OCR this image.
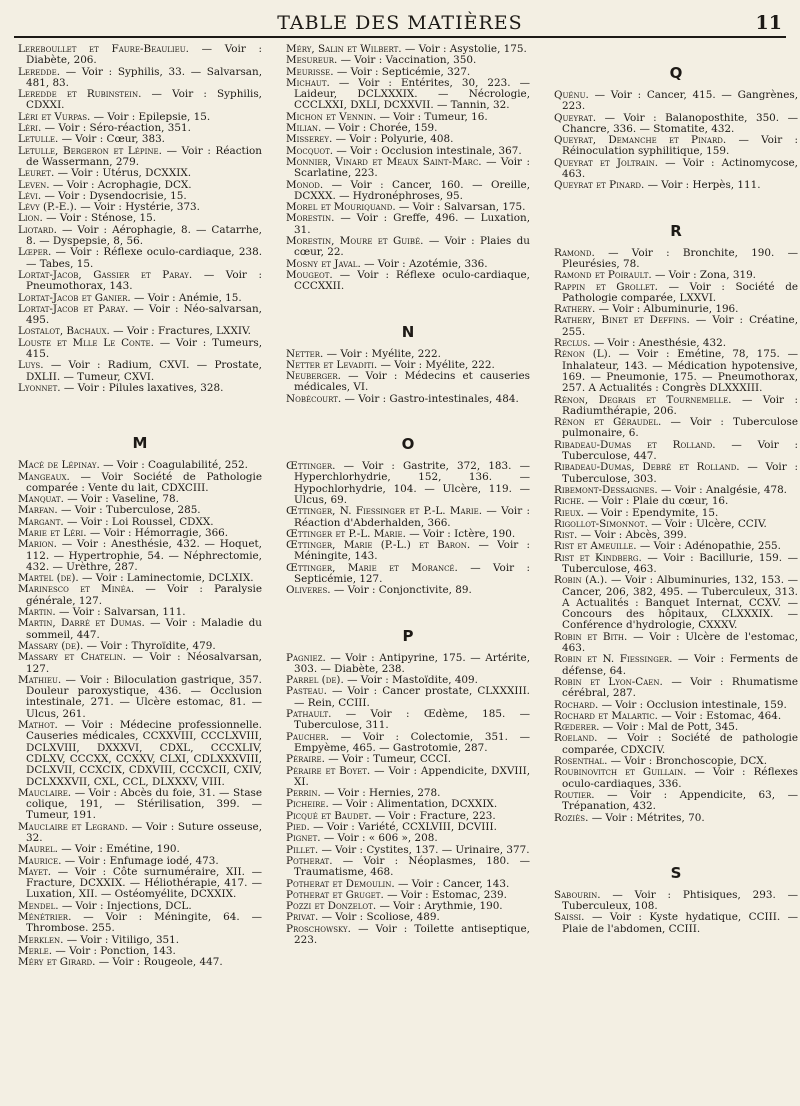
TABLE DES MATIÈRES	11

Lereboullet et Faure-Beaulieu. — Voir : Diabète, 206.

Leredde. — Voir : Syphilis, 33. — Salvarsan, 481, 83.

Leredde et Rubinstein. — Voir : Syphilis, CDXXI.

Léri et Vurpas. — Voir : Epilepsie, 15.

Léri. — Voir : Séro-réaction, 351.

Letulle. — Voir : Cœur, 383.

Letulle, Bergeron et Lépine. — Voir : Réaction de Wassermann, 279.

Leuret. — Voir : Utérus, DCXXIX.

Leven. — Voir : Acrophagie, DCX.

Lévi. — Voir : Dysendocrisie, 15.

Lévy (P.-E.). — Voir : Hystérie, 373.

Lion. — Voir : Sténose, 15.

Liotard. — Voir : Aérophagie, 8. — Catarrhe, 8. — Dyspepsie, 8, 56.

Lœper. — Voir : Réflexe oculo-cardiaque, 238. — Tabes, 15.

Lortat-Jacob, Gassier et Paray. — Voir : Pneumothorax, 143.

Lortat-Jacob et Ganier. — Voir : Anémie, 15.

Lortat-Jacob et Paray. — Voir : Néo-salvarsan, 495.

Lostalot, Bachaux. — Voir : Fractures, LXXIV.

Louste et Mlle Le Conte. — Voir : Tumeurs, 415.

Luys. — Voir : Radium, CXVI. — Prostate, DXLII. — Tumeur, CXVI.

Lyonnet. — Voir : Pilules laxatives, 328.

M

Macé de Lépinay. — Voir : Coagulabilité, 252.

Mangeaux. — Voir Société de Pathologie comparée : Vente du lait, CDXCIII.

Manquat. — Voir : Vaseline, 78.

Marfan. — Voir : Tuberculose, 285.

Margant. — Voir : Loi Roussel, CDXX.

Marie et Léri. — Voir : Hémorragie, 366.

Marion. — Voir : Anesthésie, 432. — Hoquet, 112. — Hypertrophie, 54. — Néphrectomie, 432. — Urèthre, 287.

Martel (de). — Voir : Laminectomie, DCLXIX.

Marinesco et Minéa. — Voir : Paralysie générale, 127.

Martin. — Voir : Salvarsan, 111.

Martin, Darré et Dumas. — Voir : Maladie du sommeil, 447.

Massary (de). — Voir : Thyroïdite, 479.

Massary et Chatelin. — Voir : Néosalvarsan, 127.

Mathieu. — Voir : Biloculation gastrique, 357. Douleur paroxystique, 436. — Occlusion intestinale, 271. — Ulcère estomac, 81. — Ulcus, 261.

Mathot. — Voir : Médecine professionnelle. Causeries médicales, CCXXVIII, CCCLXVIII, DCLXVIII, DXXXVI, CDXL, CCCXLIV, CDLXV, CCCXX, CCXXV, CLXI, CDLXXXVIII, DCLXVII, CCXCIX, CDXVIII, CCCXCII, CXIV, DCLXXXVII, CXL, CCL, DLXXXV, VIII.

Mauclaire. — Voir : Abcès du foie, 31. — Stase colique, 191, — Stérilisation, 399. — Tumeur, 191.

Mauclaire et Legrand. — Voir : Suture osseuse, 32.

Maurel. — Voir : Emétine, 190.

Maurice. — Voir : Enfumage iodé, 473.

Mayet. — Voir : Côte surnuméraire, XII. — Fracture, DCXXIX. — Héliothérapie, 417. — Luxation, XII. — Ostéomyélite, DCXXIX.

Mendel. — Voir : Injections, DCL.

Ménétrier. — Voir : Méningite, 64. — Thrombose. 255.

Merklen. — Voir : Vitiligo, 351.

Merle. — Voir : Ponction, 143.

Méry et Girard. — Voir : Rougeole, 447.

Méry, Salin et Wilbert. — Voir : Asystolie, 175.

Mesureur. — Voir : Vaccination, 350.

Meurisse. — Voir : Septicémie, 327.

Michaut. — Voir : Entérites, 30, 223. — Laideur, DCLXXXIX. — Nécrologie, CCCLXXI, DXLI, DCXXVII. — Tannin, 32.

Michon et Vennin. — Voir : Tumeur, 16.

Milian. — Voir : Chorée, 159.

Misserey. — Voir : Polyurie, 408.

Mocquot. — Voir : Occlusion intestinale, 367.

Monnier, Vinard et Meaux Saint-Marc. — Voir : Scarlatine, 223.

Monod. — Voir : Cancer, 160. — Oreille, DCXXX. — Hydronéphroses, 95.

Morel et Mouriquand. — Voir : Salvarsan, 175.

Morestin. — Voir : Greffe, 496. — Luxation, 31.

Morestin, Moure et Guibé. — Voir : Plaies du cœur, 22.

Mosny et Javal. — Voir : Azotémie, 336.

Mougeot. — Voir : Réflexe oculo-cardiaque, CCCXXII.

N

Netter. — Voir : Myélite, 222.

Netter et Levaditi. — Voir : Myélite, 222.

Neuberger. — Voir : Médecins et causeries médicales, VI.

Nobécourt. — Voir : Gastro-intestinales, 484.

O

Œttinger. — Voir : Gastrite, 372, 183. — Hyperchlorhydrie, 152, 136. — Hypochlorhydrie, 104. — Ulcère, 119. — Ulcus, 69.

Œttinger, N. Fiessinger et P.-L. Marie. — Voir : Réaction d'Abderhalden, 366.

Œttinger et P.-L. Marie. — Voir : Ictère, 190.

Œttinger, Marie (P.-L.) et Baron. — Voir : Méningite, 143.

Œttinger, Marie et Morancé. — Voir : Septicémie, 127.

Oliveres. — Voir : Conjonctivite, 89.

P

Pagniez. — Voir : Antipyrine, 175. — Artérite, 303. — Diabète, 238.

Parrel (de). — Voir : Mastoïdite, 409.

Pasteau. — Voir : Cancer prostate, CLXXXIII. — Rein, CCIII.

Pathault. — Voir : Œdème, 185. — Tuberculose, 311.

Paucher. — Voir : Colectomie, 351. — Empyème, 465. — Gastrotomie, 287.

Péraire. — Voir : Tumeur, CCCI.

Péraire et Boyet. — Voir : Appendicite, DXVIII, XI.

Perrin. — Voir : Hernies, 278.

Picheire. — Voir : Alimentation, DCXXIX.

Picqué et Baudet. — Voir : Fracture, 223.

Pied. — Voir : Variété, CCXLVIII, DCVIII.

Pignet. — Voir : « 606 », 208.

Pillet. — Voir : Cystites, 137. — Urinaire, 377.

Potherat. — Voir : Néoplasmes, 180. — Traumatisme, 468.

Potherat et Demoulin. — Voir : Cancer, 143.

Potherat et Gruget. — Voir : Estomac, 239.

Pozzi et Donzelot. — Voir : Arythmie, 190.

Privat. — Voir : Scoliose, 489.

Proschowsky. — Voir : Toilette antiseptique, 223.

Q

Quénu. — Voir : Cancer, 415. — Gangrènes, 223.

Queyrat. — Voir : Balanoposthite, 350. — Chancre, 336. — Stomatite, 432.

Queyrat, Demanche et Pinard. — Voir : Réinoculation syphilitique, 159.

Queyrat et Joltrain. — Voir : Actinomycose, 463.

Queyrat et Pinard. — Voir : Herpès, 111.

R

Ramond. — Voir : Bronchite, 190. — Pleurésies, 78.

Ramond et Poirault. — Voir : Zona, 319.

Rappin et Grollet. — Voir : Société de Pathologie comparée, LXXVI.

Rathery. — Voir : Albuminurie, 196.

Rathery, Binet et Deffins. — Voir : Créatine, 255.

Reclus. — Voir : Anesthésie, 432.

Rénon (L). — Voir : Emétine, 78, 175. — Inhalateur, 143. — Médication hypotensive, 169. — Pneumonie, 175. — Pneumothorax, 257. A Actualités : Congrès DLXXXIII.

Rénon, Degrais et Tournemelle. — Voir : Radiumthérapie, 206.

Rénon et Géraudel. — Voir : Tuberculose pulmonaire, 6.

Ribadeau-Dumas et Rolland. — Voir : Tuberculose, 447.

Ribadeau-Dumas, Debré et Rolland. — Voir : Tuberculose, 303.

Ribemont-Dessaignes. — Voir : Analgésie, 478.

Riche. — Voir : Plaie du cœur, 16.

Rieux. — Voir : Ependymite, 15.

Rigollot-Simonnot. — Voir : Ulcère, CCIV.

Rist. — Voir : Abcès, 399.

Rist et Ameuille. — Voir : Adénopathie, 255.

Rist et Kindberg. — Voir : Bacillurie, 159. — Tuberculose, 463.

Robin (A.). — Voir : Albuminuries, 132, 153. — Cancer, 206, 382, 495. — Tuberculeux, 313. A Actualités : Banquet Internat, CCXV. — Concours des hôpitaux, CLXXXIX. — Conférence d'hydrologie, CXXXV.

Robin et Bith. — Voir : Ulcère de l'estomac, 463.

Robin et N. Fiessinger. — Voir : Ferments de défense, 64.

Robin et Lyon-Caen. — Voir : Rhumatisme cérébral, 287.

Rochard. — Voir : Occlusion intestinale, 159.

Rochard et Malartic. — Voir : Estomac, 464.

Rœderer. — Voir : Mal de Pott, 345.

Roeland. — Voir : Société de pathologie comparée, CDXCIV.

Rosenthal. — Voir : Bronchoscopie, DCX.

Roubinovitch et Guillain. — Voir : Réflexes oculo-cardiaques, 336.

Routier. — Voir : Appendicite, 63, — Trépanation, 432.

Roziès. — Voir : Métrites, 70.

S

Sabourin. — Voir : Phtisiques, 293. — Tuberculeux, 108.

Saissi. — Voir : Kyste hydatique, CCIII. — Plaie de l'abdomen, CCIII.
